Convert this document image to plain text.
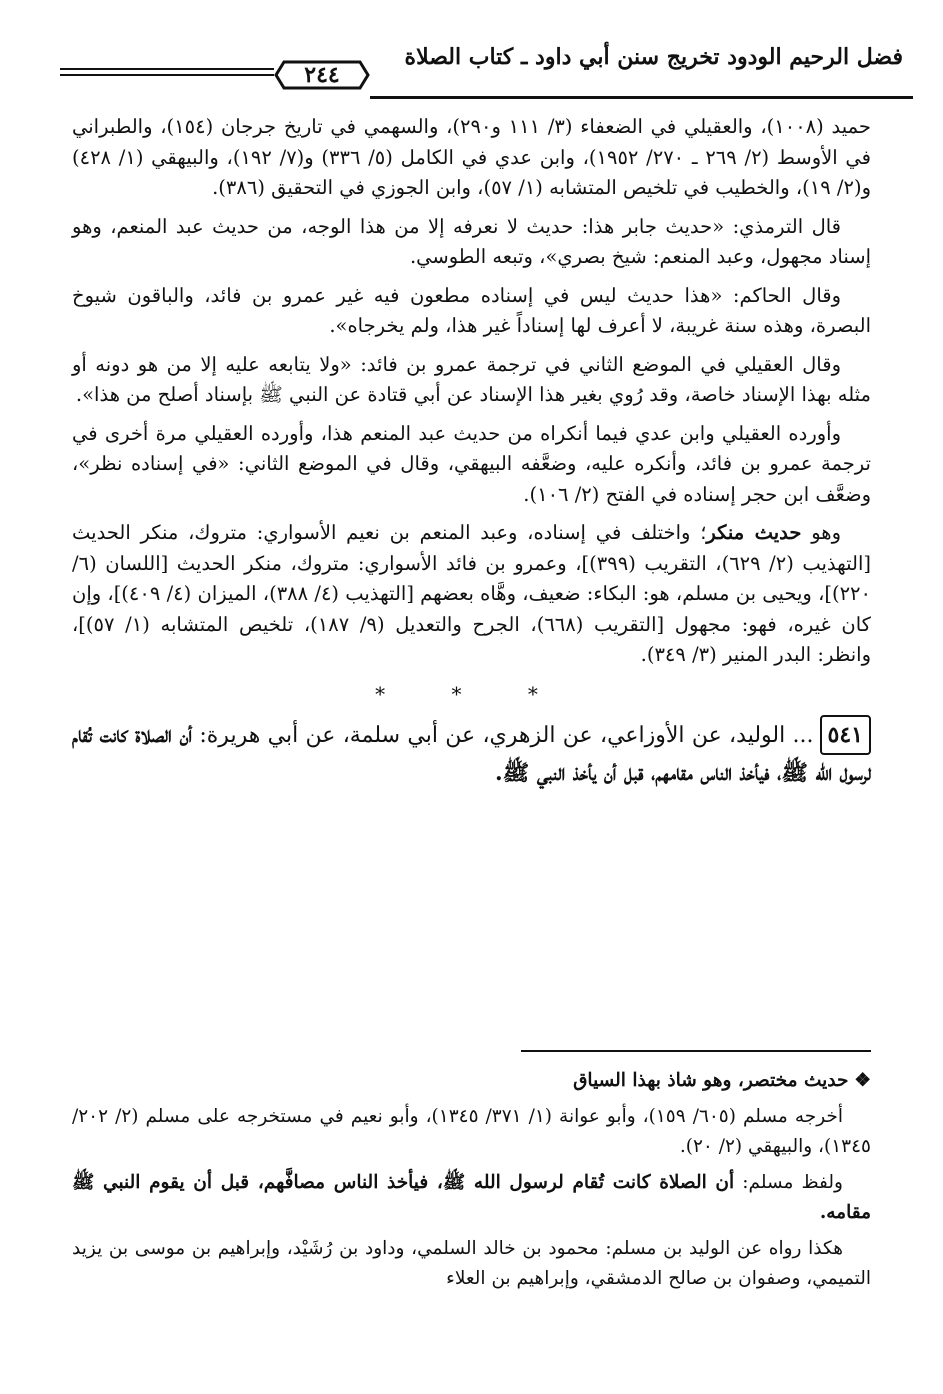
فضل الرحيم الودود تخريج سنن أبي داود ـ كتاب الصلاة
٢٤٤

حميد (١٠٠٨)، والعقيلي في الضعفاء (٣/ ١١١ و٢٩٠)، والسهمي في تاريخ جرجان (١٥٤)، والطبراني في الأوسط (٢/ ٢٦٩ ـ ٢٧٠/ ١٩٥٢)، وابن عدي في الكامل (٥/ ٣٣٦) و(٧/ ١٩٢)، والبيهقي (١/ ٤٢٨) و(٢/ ١٩)، والخطيب في تلخيص المتشابه (١/ ٥٧)، وابن الجوزي في التحقيق (٣٨٦).

قال الترمذي: «حديث جابر هذا: حديث لا نعرفه إلا من هذا الوجه، من حديث عبد المنعم، وهو إسناد مجهول، وعبد المنعم: شيخ بصري»، وتبعه الطوسي.

وقال الحاكم: «هذا حديث ليس في إسناده مطعون فيه غير عمرو بن فائد، والباقون شيوخ البصرة، وهذه سنة غريبة، لا أعرف لها إسناداً غير هذا، ولم يخرجاه».

وقال العقيلي في الموضع الثاني في ترجمة عمرو بن فائد: «ولا يتابعه عليه إلا من هو دونه أو مثله بهذا الإسناد خاصة، وقد رُوي بغير هذا الإسناد عن أبي قتادة عن النبي ﷺ بإسناد أصلح من هذا».

وأورده العقيلي وابن عدي فيما أنكراه من حديث عبد المنعم هذا، وأورده العقيلي مرة أخرى في ترجمة عمرو بن فائد، وأنكره عليه، وضعَّفه البيهقي، وقال في الموضع الثاني: «في إسناده نظر»، وضعَّف ابن حجر إسناده في الفتح (٢/ ١٠٦).

وهو حديث منكر؛ واختلف في إسناده، وعبد المنعم بن نعيم الأسواري: متروك، منكر الحديث [التهذيب (٢/ ٦٢٩)، التقريب (٣٩٩)]، وعمرو بن فائد الأسواري: متروك، منكر الحديث [اللسان (٦/ ٢٢٠)]، ويحيى بن مسلم، هو: البكاء: ضعيف، وهَّاه بعضهم [التهذيب (٤/ ٣٨٨)، الميزان (٤/ ٤٠٩)]، وإن كان غيره، فهو: مجهول [التقريب (٦٦٨)، الجرح والتعديل (٩/ ١٨٧)، تلخيص المتشابه (١/ ٥٧)]، وانظر: البدر المنير (٣/ ٣٤٩).

* * *

٥٤١... الوليد، عن الأوزاعي، عن الزهري، عن أبي سلمة، عن أبي هريرة: أن الصلاة كانت تُقام لرسول الله ﷺ، فيأخذ الناس مقامهم، قبل أن يأخذ النبي ﷺ.

❖حديث مختصر، وهو شاذ بهذا السياق

أخرجه مسلم (٦٠٥/ ١٥٩)، وأبو عوانة (١/ ٣٧١/ ١٣٤٥)، وأبو نعيم في مستخرجه على مسلم (٢/ ٢٠٢/ ١٣٤٥)، والبيهقي (٢/ ٢٠).

ولفظ مسلم: أن الصلاة كانت تُقام لرسول الله ﷺ، فيأخذ الناس مصافَّهم، قبل أن يقوم النبي ﷺ مقامه.

هكذا رواه عن الوليد بن مسلم: محمود بن خالد السلمي، وداود بن رُشَيْد، وإبراهيم بن موسى بن يزيد التميمي، وصفوان بن صالح الدمشقي، وإبراهيم بن العلاء
